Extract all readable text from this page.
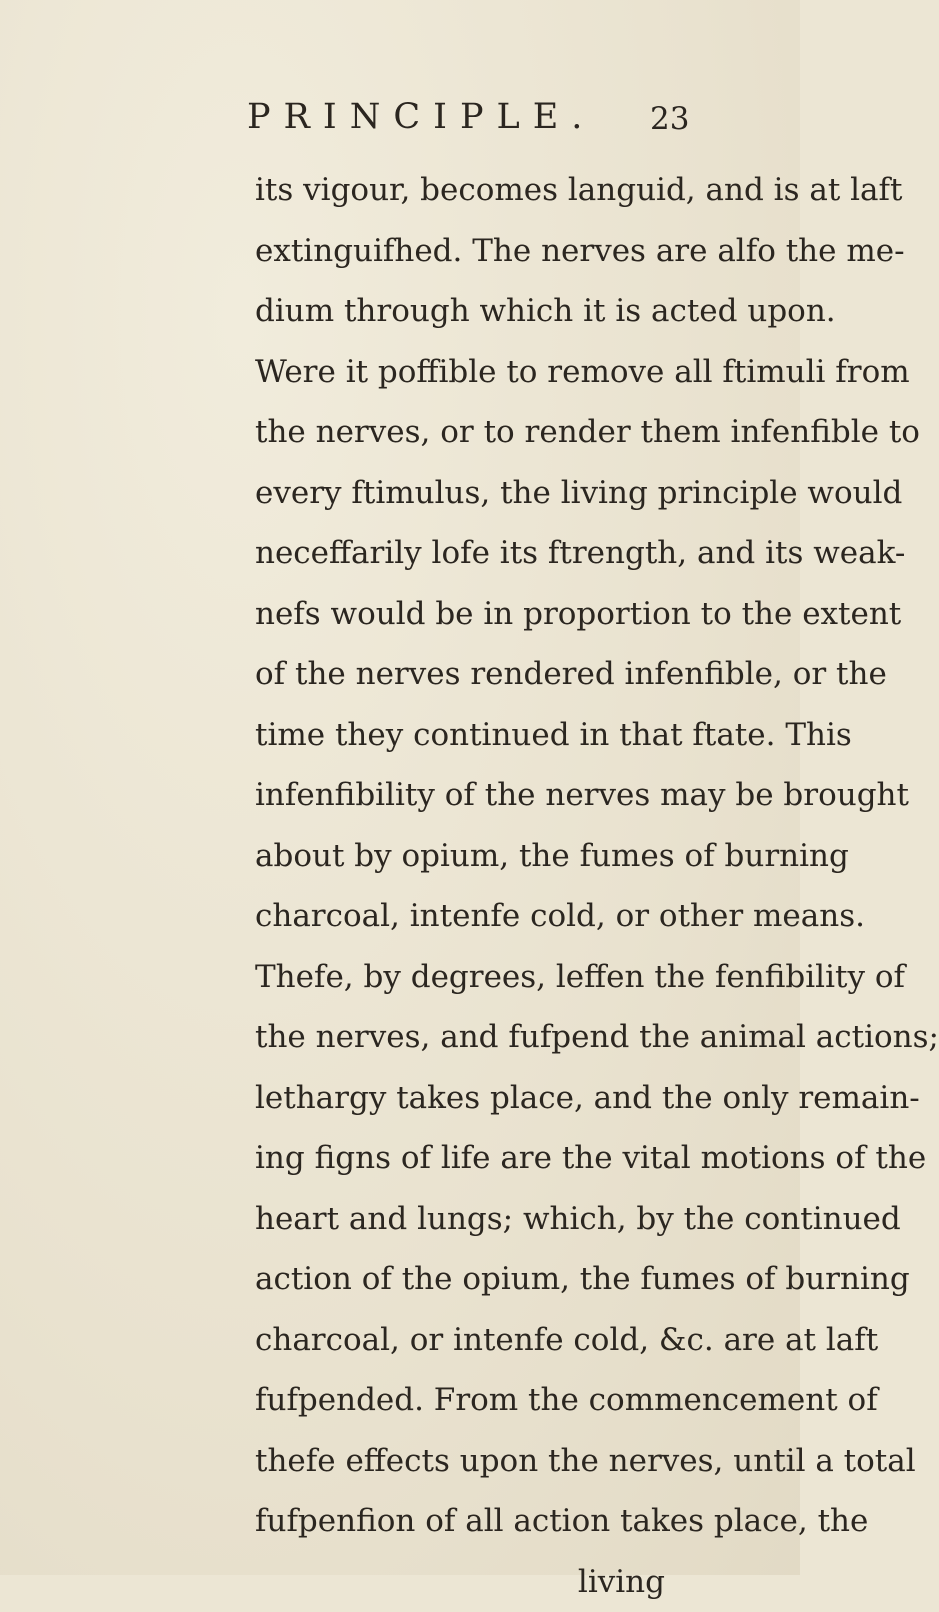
PRINCIPLE. 23
its vigour, becomes languid, and is at laft
extinguifhed. The nerves are alfo the me-
dium through which it is acted upon.
Were it poffible to remove all ftimuli from
the nerves, or to render them infenfible to
every ftimulus, the living principle would
neceffarily lofe its ftrength, and its weak-
nefs would be in proportion to the extent
of the nerves rendered infenfible, or the
time they continued in that ftate. This
infenfibility of the nerves may be brought
about by opium, the fumes of burning
charcoal, intenfe cold, or other means.
Thefe, by degrees, leffen the fenfibility of
the nerves, and fufpend the animal actions;
lethargy takes place, and the only remain-
ing figns of life are the vital motions of the
heart and lungs; which, by the continued
action of the opium, the fumes of burning
charcoal, or intenfe cold, &c. are at laft
fufpended. From the commencement of
thefe effects upon the nerves, until a total
fufpenfion of all action takes place, the
living
